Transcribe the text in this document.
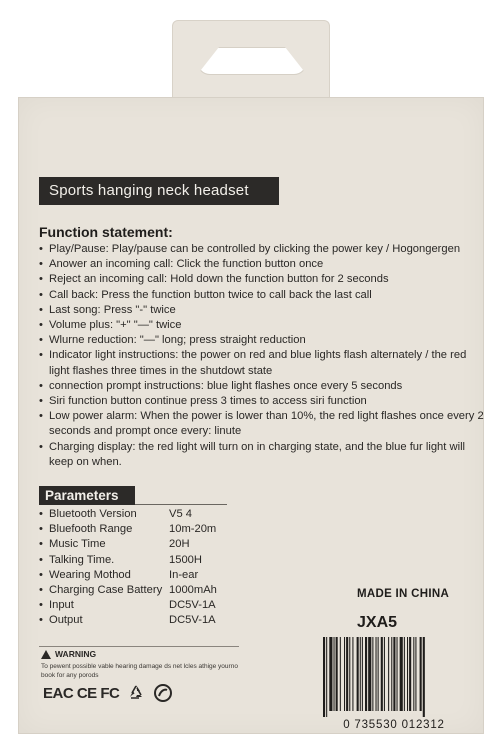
Sports hanging neck headset
Function statement:
• Play/Pause: Play/pause can be controlled by clicking the power key / Hogongergen
• Anower an incoming call: Click the function button once
• Reject an incoming call: Hold down the function button for 2 seconds
• Call back: Press the function button twice to call back the last call
• Last song: Press "-" twice
• Volume plus: "+" "—" twice
• Wlurne reduction: "—" long; press straight reduction
• Indicator light instructions: the power on red and blue lights flash alternately / the red light flashes three times in the shutdowt state
• connection prompt instructions: blue light flashes once every 5 seconds
• Siri function button continue press 3 times to access siri function
• Low power alarm: When the power is lower than 10%, the red light flashes once every 2 seconds and prompt once every: linute
• Charging display: the red light will turn on in charging state, and the blue fur light will keep on when.
Parameters
• Bluetooth Version	V5 4
• Bluefooth Range	10m-20m
• Music Time	20H
• Talking Time.	1500H
• Wearing Mothod	In-ear
• Charging Case Battery 1000mAh
• Input	DC5V-1A
• Output	DC5V-1A
MADE IN CHINA
JXA5
WARNING
To pewent possible vable hearing damage ds net lcles athige yourno book for any porods
EAC CE FC
0 735530 012312
